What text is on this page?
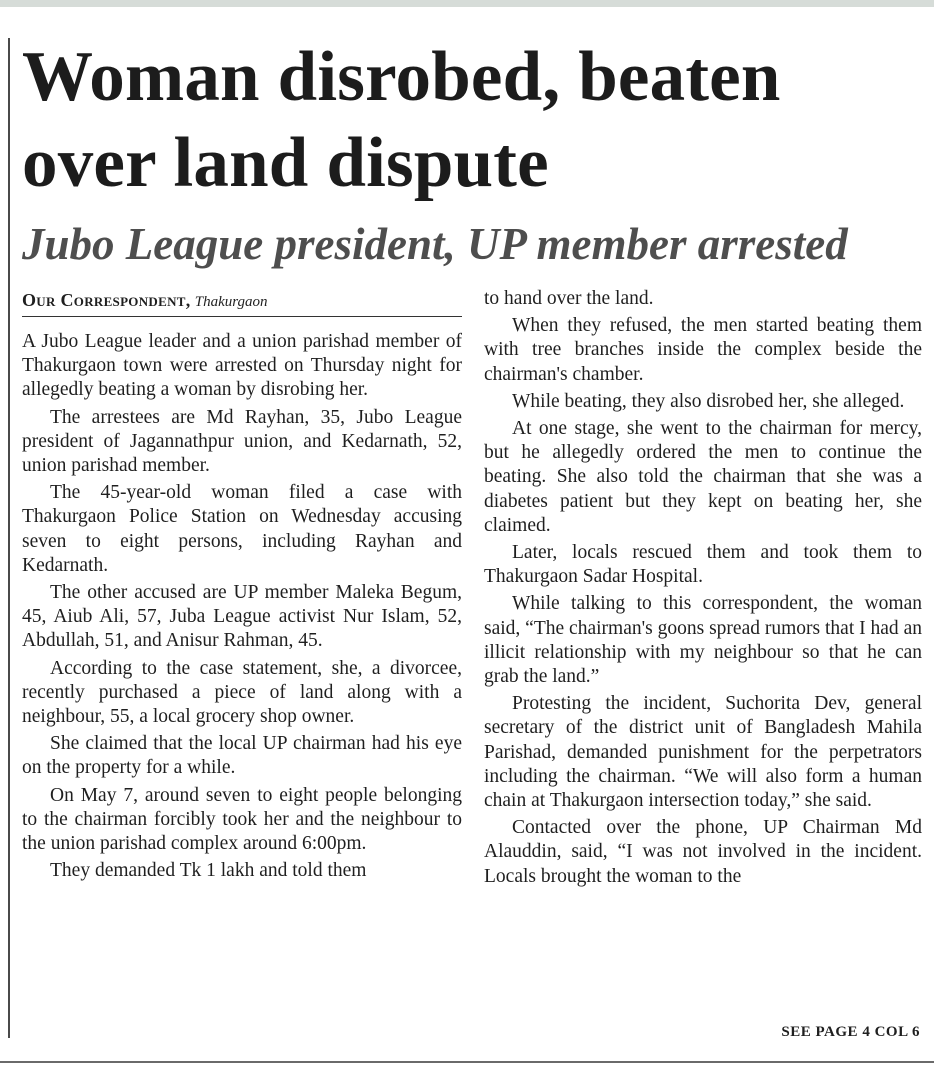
Woman disrobed, beaten over land dispute
Jubo League president, UP member arrested
Our Correspondent, Thakurgaon

A Jubo League leader and a union parishad member of Thakurgaon town were arrested on Thursday night for allegedly beating a woman by disrobing her.

The arrestees are Md Rayhan, 35, Jubo League president of Jagannathpur union, and Kedarnath, 52, union parishad member.

The 45-year-old woman filed a case with Thakurgaon Police Station on Wednesday accusing seven to eight persons, including Rayhan and Kedarnath.

The other accused are UP member Maleka Begum, 45, Aiub Ali, 57, Juba League activist Nur Islam, 52, Abdullah, 51, and Anisur Rahman, 45.

According to the case statement, she, a divorcee, recently purchased a piece of land along with a neighbour, 55, a local grocery shop owner.

She claimed that the local UP chairman had his eye on the property for a while.

On May 7, around seven to eight people belonging to the chairman forcibly took her and the neighbour to the union parishad complex around 6:00pm.

They demanded Tk 1 lakh and told them

to hand over the land.

When they refused, the men started beating them with tree branches inside the complex beside the chairman's chamber.

While beating, they also disrobed her, she alleged.

At one stage, she went to the chairman for mercy, but he allegedly ordered the men to continue the beating. She also told the chairman that she was a diabetes patient but they kept on beating her, she claimed.

Later, locals rescued them and took them to Thakurgaon Sadar Hospital.

While talking to this correspondent, the woman said, “The chairman's goons spread rumors that I had an illicit relationship with my neighbour so that he can grab the land.”

Protesting the incident, Suchorita Dev, general secretary of the district unit of Bangladesh Mahila Parishad, demanded punishment for the perpetrators including the chairman. “We will also form a human chain at Thakurgaon intersection today,” she said.

Contacted over the phone, UP Chairman Md Alauddin, said, “I was not involved in the incident. Locals brought the woman to the

SEE PAGE 4 COL 6
